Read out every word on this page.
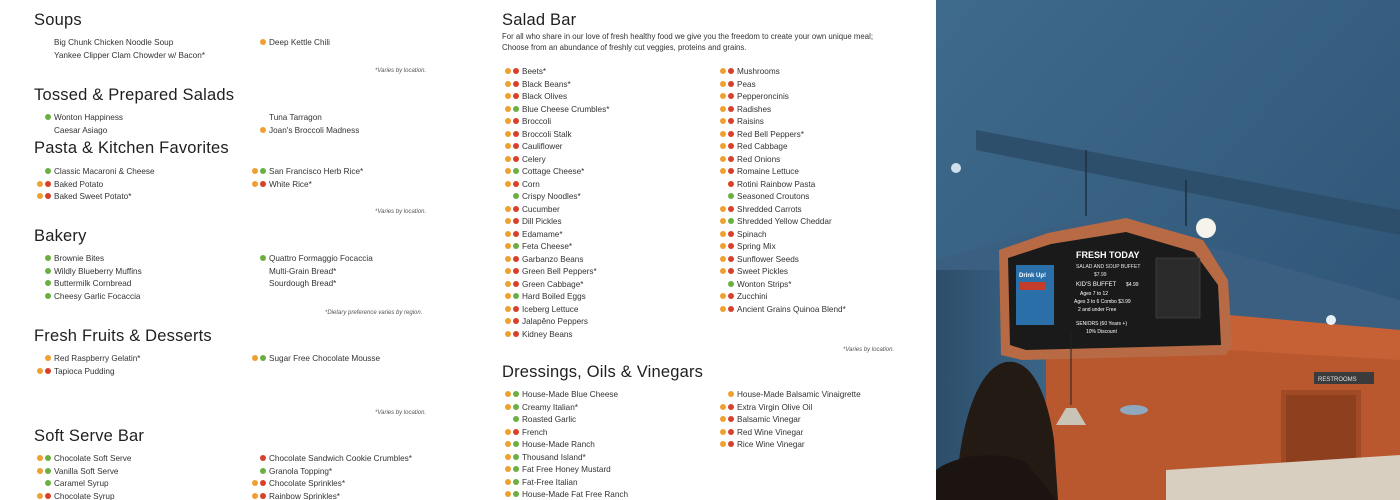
Soups
Big Chunk Chicken Noodle Soup
Yankee Clipper Clam Chowder w/ Bacon*
Deep Kettle Chili
*Varies by location.
Tossed & Prepared Salads
Wonton Happiness
Caesar Asiago
Tuna Tarragon
Joan's Broccoli Madness
Pasta & Kitchen Favorites
Classic Macaroni & Cheese
Baked Potato
Baked Sweet Potato*
San Francisco Herb Rice*
White Rice*
*Varies by location.
Bakery
Brownie Bites
Wildly Blueberry Muffins
Buttermilk Cornbread
Cheesy Garlic Focaccia
Quattro Formaggio Focaccia
Multi-Grain Bread*
Sourdough Bread*
*Dietary preference varies by region.
Fresh Fruits & Desserts
Red Raspberry Gelatin*
Tapioca Pudding
Sugar Free Chocolate Mousse
*Varies by location.
Soft Serve Bar
Chocolate Soft Serve
Vanilla Soft Serve
Caramel Syrup
Chocolate Syrup
Chocolate Sandwich Cookie Crumbles*
Granola Topping*
Chocolate Sprinkles*
Rainbow Sprinkles*
Salad Bar
For all who share in our love of fresh healthy food we give you the freedom to create your own unique meal; Choose from an abundance of freshly cut veggies, proteins and grains.
Beets*
Black Beans*
Black Olives
Blue Cheese Crumbles*
Broccoli
Broccoli Stalk
Cauliflower
Celery
Cottage Cheese*
Corn
Crispy Noodles*
Cucumber
Dill Pickles
Edamame*
Feta Cheese*
Garbanzo Beans
Green Bell Peppers*
Green Cabbage*
Hard Boiled Eggs
Iceberg Lettuce
Jalapěno Peppers
Kidney Beans
Mushrooms
Peas
Pepperoncinis
Radishes
Raisins
Red Bell Peppers*
Red Cabbage
Red Onions
Romaine Lettuce
Rotini Rainbow Pasta
Seasoned Croutons
Shredded Carrots
Shredded Yellow Cheddar
Spinach
Spring Mix
Sunflower Seeds
Sweet Pickles
Wonton Strips*
Zucchini
Ancient Grains Quinoa Blend*
*Varies by location.
Dressings, Oils & Vinegars
House-Made Blue Cheese
Creamy Italian*
Roasted Garlic
French
House-Made Ranch
Thousand Island*
Fat Free Honey Mustard
Fat-Free Italian
House-Made Fat Free Ranch
House-Made Balsamic Vinaigrette
Extra Virgin Olive Oil
Balsamic Vinegar
Red Wine Vinegar
Rice Wine Vinegar
FRESH TODAY
SALAD AND SOUP BUFFET
$7.99
KID'S BUFFET $4.99
Ages 7 to 12
Ages 3 to 6 Combo $3.99
2 and under Free
SENIORS (60 Years +)
10% Discount
Drink Up!
RESTROOMS
